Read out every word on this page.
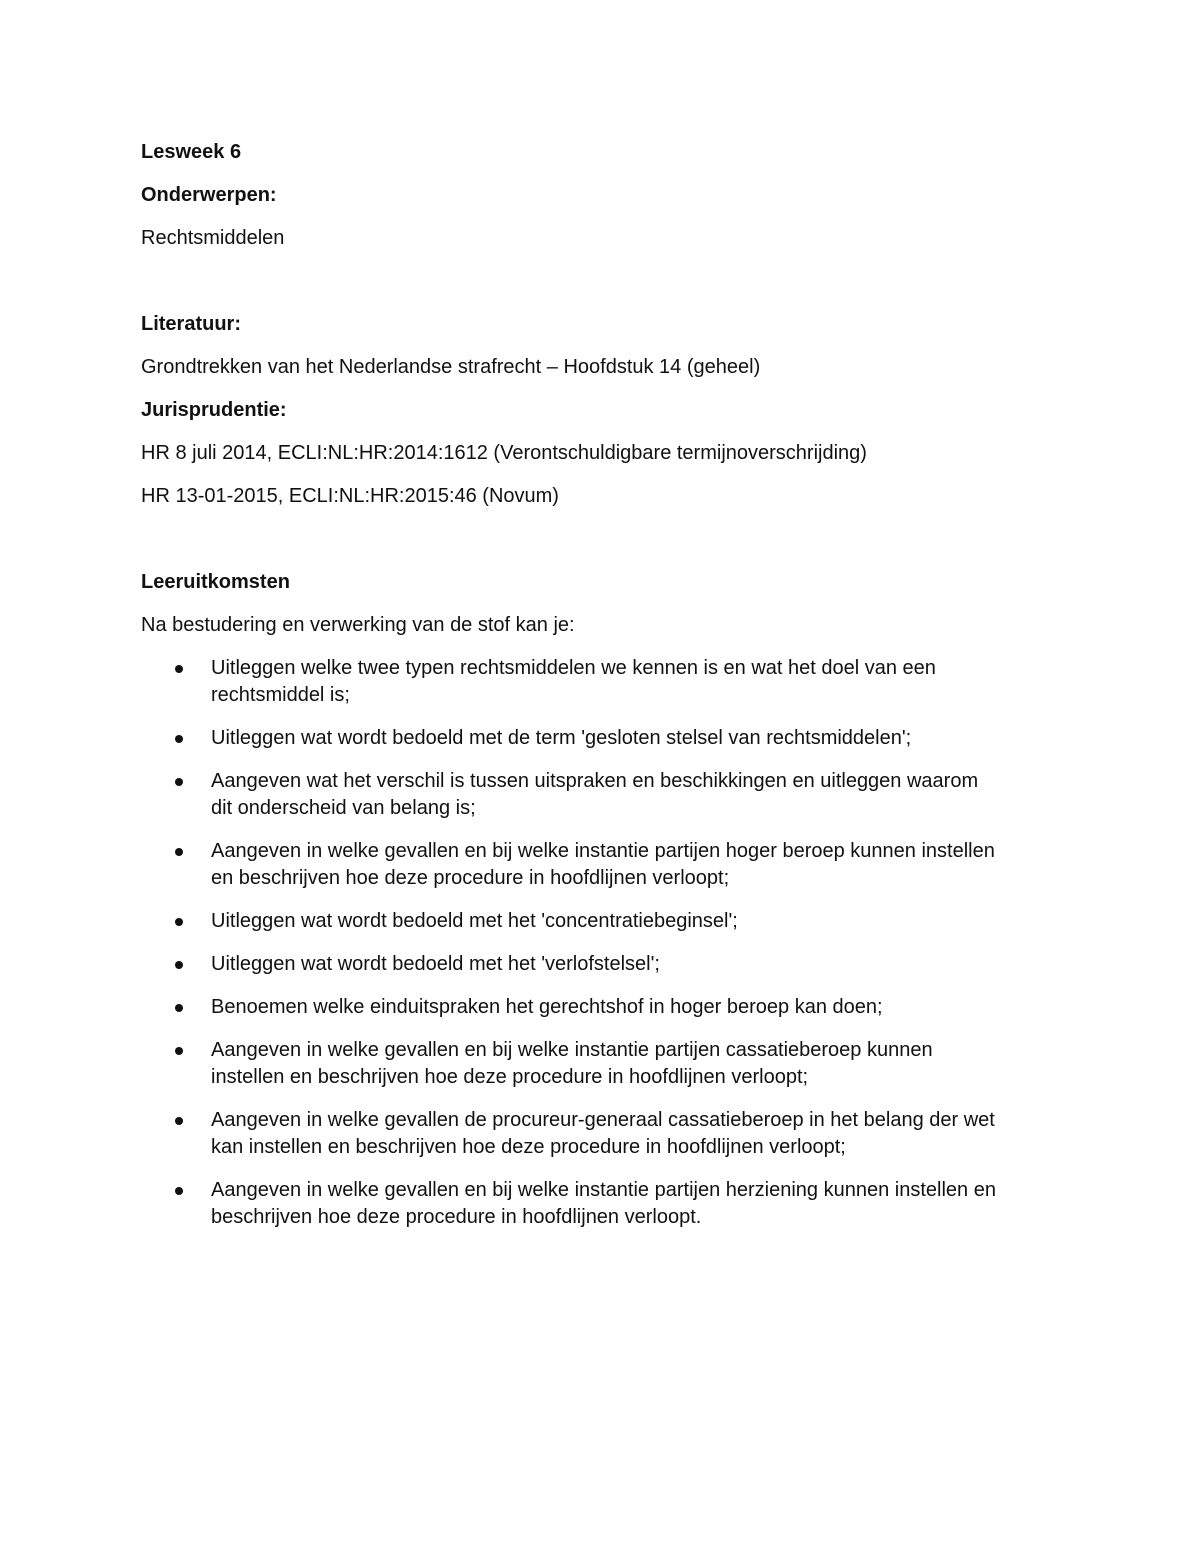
Lesweek 6

Onderwerpen:

Rechtsmiddelen

Literatuur:

Grondtrekken van het Nederlandse strafrecht – Hoofdstuk 14 (geheel)

Jurisprudentie:

HR 8 juli 2014, ECLI:NL:HR:2014:1612 (Verontschuldigbare termijnoverschrijding)

HR 13-01-2015, ECLI:NL:HR:2015:46 (Novum)

Leeruitkomsten

Na bestudering en verwerking van de stof kan je:

Uitleggen welke twee typen rechtsmiddelen we kennen is en wat het doel van een
rechtsmiddel is;
Uitleggen wat wordt bedoeld met de term 'gesloten stelsel van rechtsmiddelen';
Aangeven wat het verschil is tussen uitspraken en beschikkingen en uitleggen waarom
dit onderscheid van belang is;
Aangeven in welke gevallen en bij welke instantie partijen hoger beroep kunnen instellen
en beschrijven hoe deze procedure in hoofdlijnen verloopt;
Uitleggen wat wordt bedoeld met het 'concentratiebeginsel';
Uitleggen wat wordt bedoeld met het 'verlofstelsel';
Benoemen welke einduitspraken het gerechtshof in hoger beroep kan doen;
Aangeven in welke gevallen en bij welke instantie partijen cassatieberoep kunnen
instellen en beschrijven hoe deze procedure in hoofdlijnen verloopt;
Aangeven in welke gevallen de procureur-generaal cassatieberoep in het belang der wet
kan instellen en beschrijven hoe deze procedure in hoofdlijnen verloopt;
Aangeven in welke gevallen en bij welke instantie partijen herziening kunnen instellen en
beschrijven hoe deze procedure in hoofdlijnen verloopt.
